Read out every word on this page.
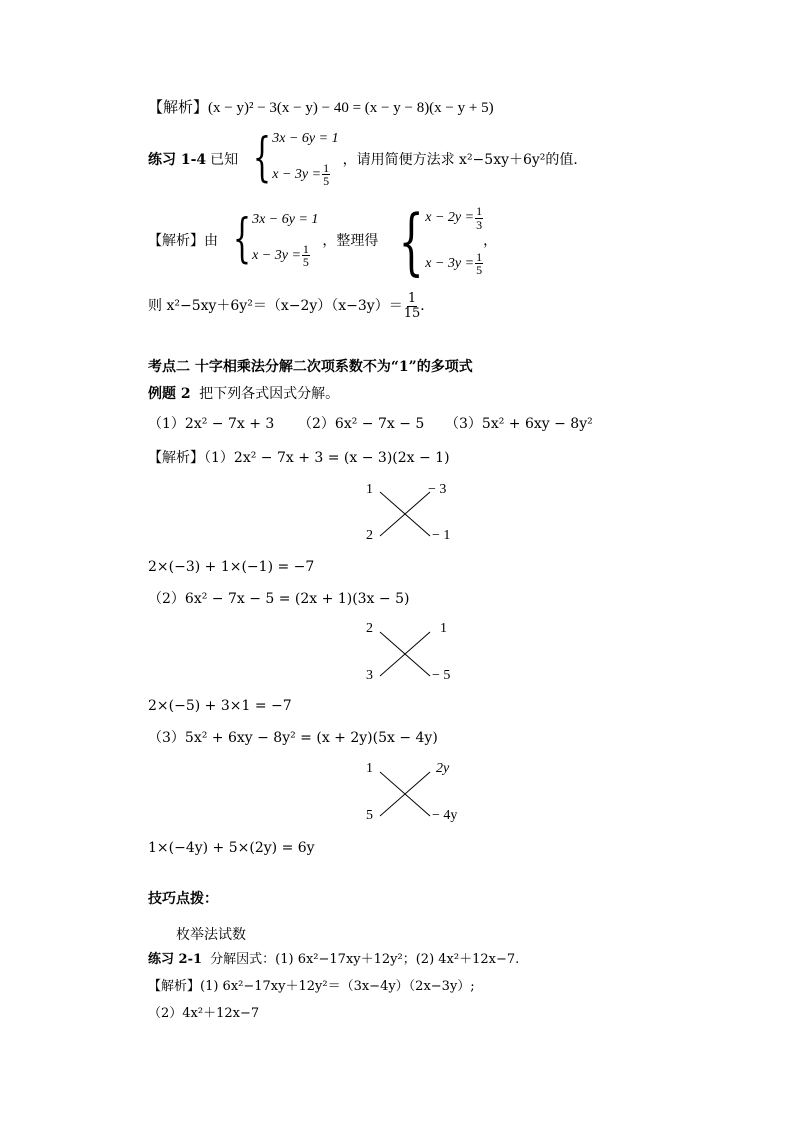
【解析】(x − y)² − 3(x − y) − 40 = (x − y − 8)(x − y + 5)
练习 1-4 已知 { 3x − 6y = 1
$x - 3y = \frac{1}{5}$
，请用简便方法求 x²−5xy＋6y²的值．
【解析】由 { 3x − 6y = 1
$x - 3y = \frac{1}{5}$
，整理得 { $x - 2y = \frac{1}{3}$
$x - 3y = \frac{1}{5}$
，
则 $x^2-5xy+6y^2=(x-2y)(x-3y)= \frac{1}{15}$ ．
考点二 十字相乘法分解二次项系数不为“1”的多项式
例题 2 把下列各式因式分解。
（1）2x² − 7x + 3 （2）6x² − 7x − 5 （3）5x² + 6xy − 8y²
【解析】（1）2x² − 7x + 3 = (x − 3)(2x − 1)
1	− 3
2	− 1
2×(−3) + 1×(−1) = −7
（2）6x² − 7x − 5 = (2x + 1)(3x − 5)
2	1
3	− 5
2×(−5) + 3×1 = −7
（3）5x² + 6xy − 8y² = (x + 2y)(5x − 4y)
1	2y
5	− 4y
1×(−4y) + 5×(2y) = 6y
技巧点拨：
枚举法试数
练习 2-1 分解因式：(1) 6x²−17xy＋12y²；(2) 4x²＋12x−7.
【解析】(1) 6x²−17xy＋12y²＝（3x−4y）（2x−3y）;
（2）4x²＋12x−7
